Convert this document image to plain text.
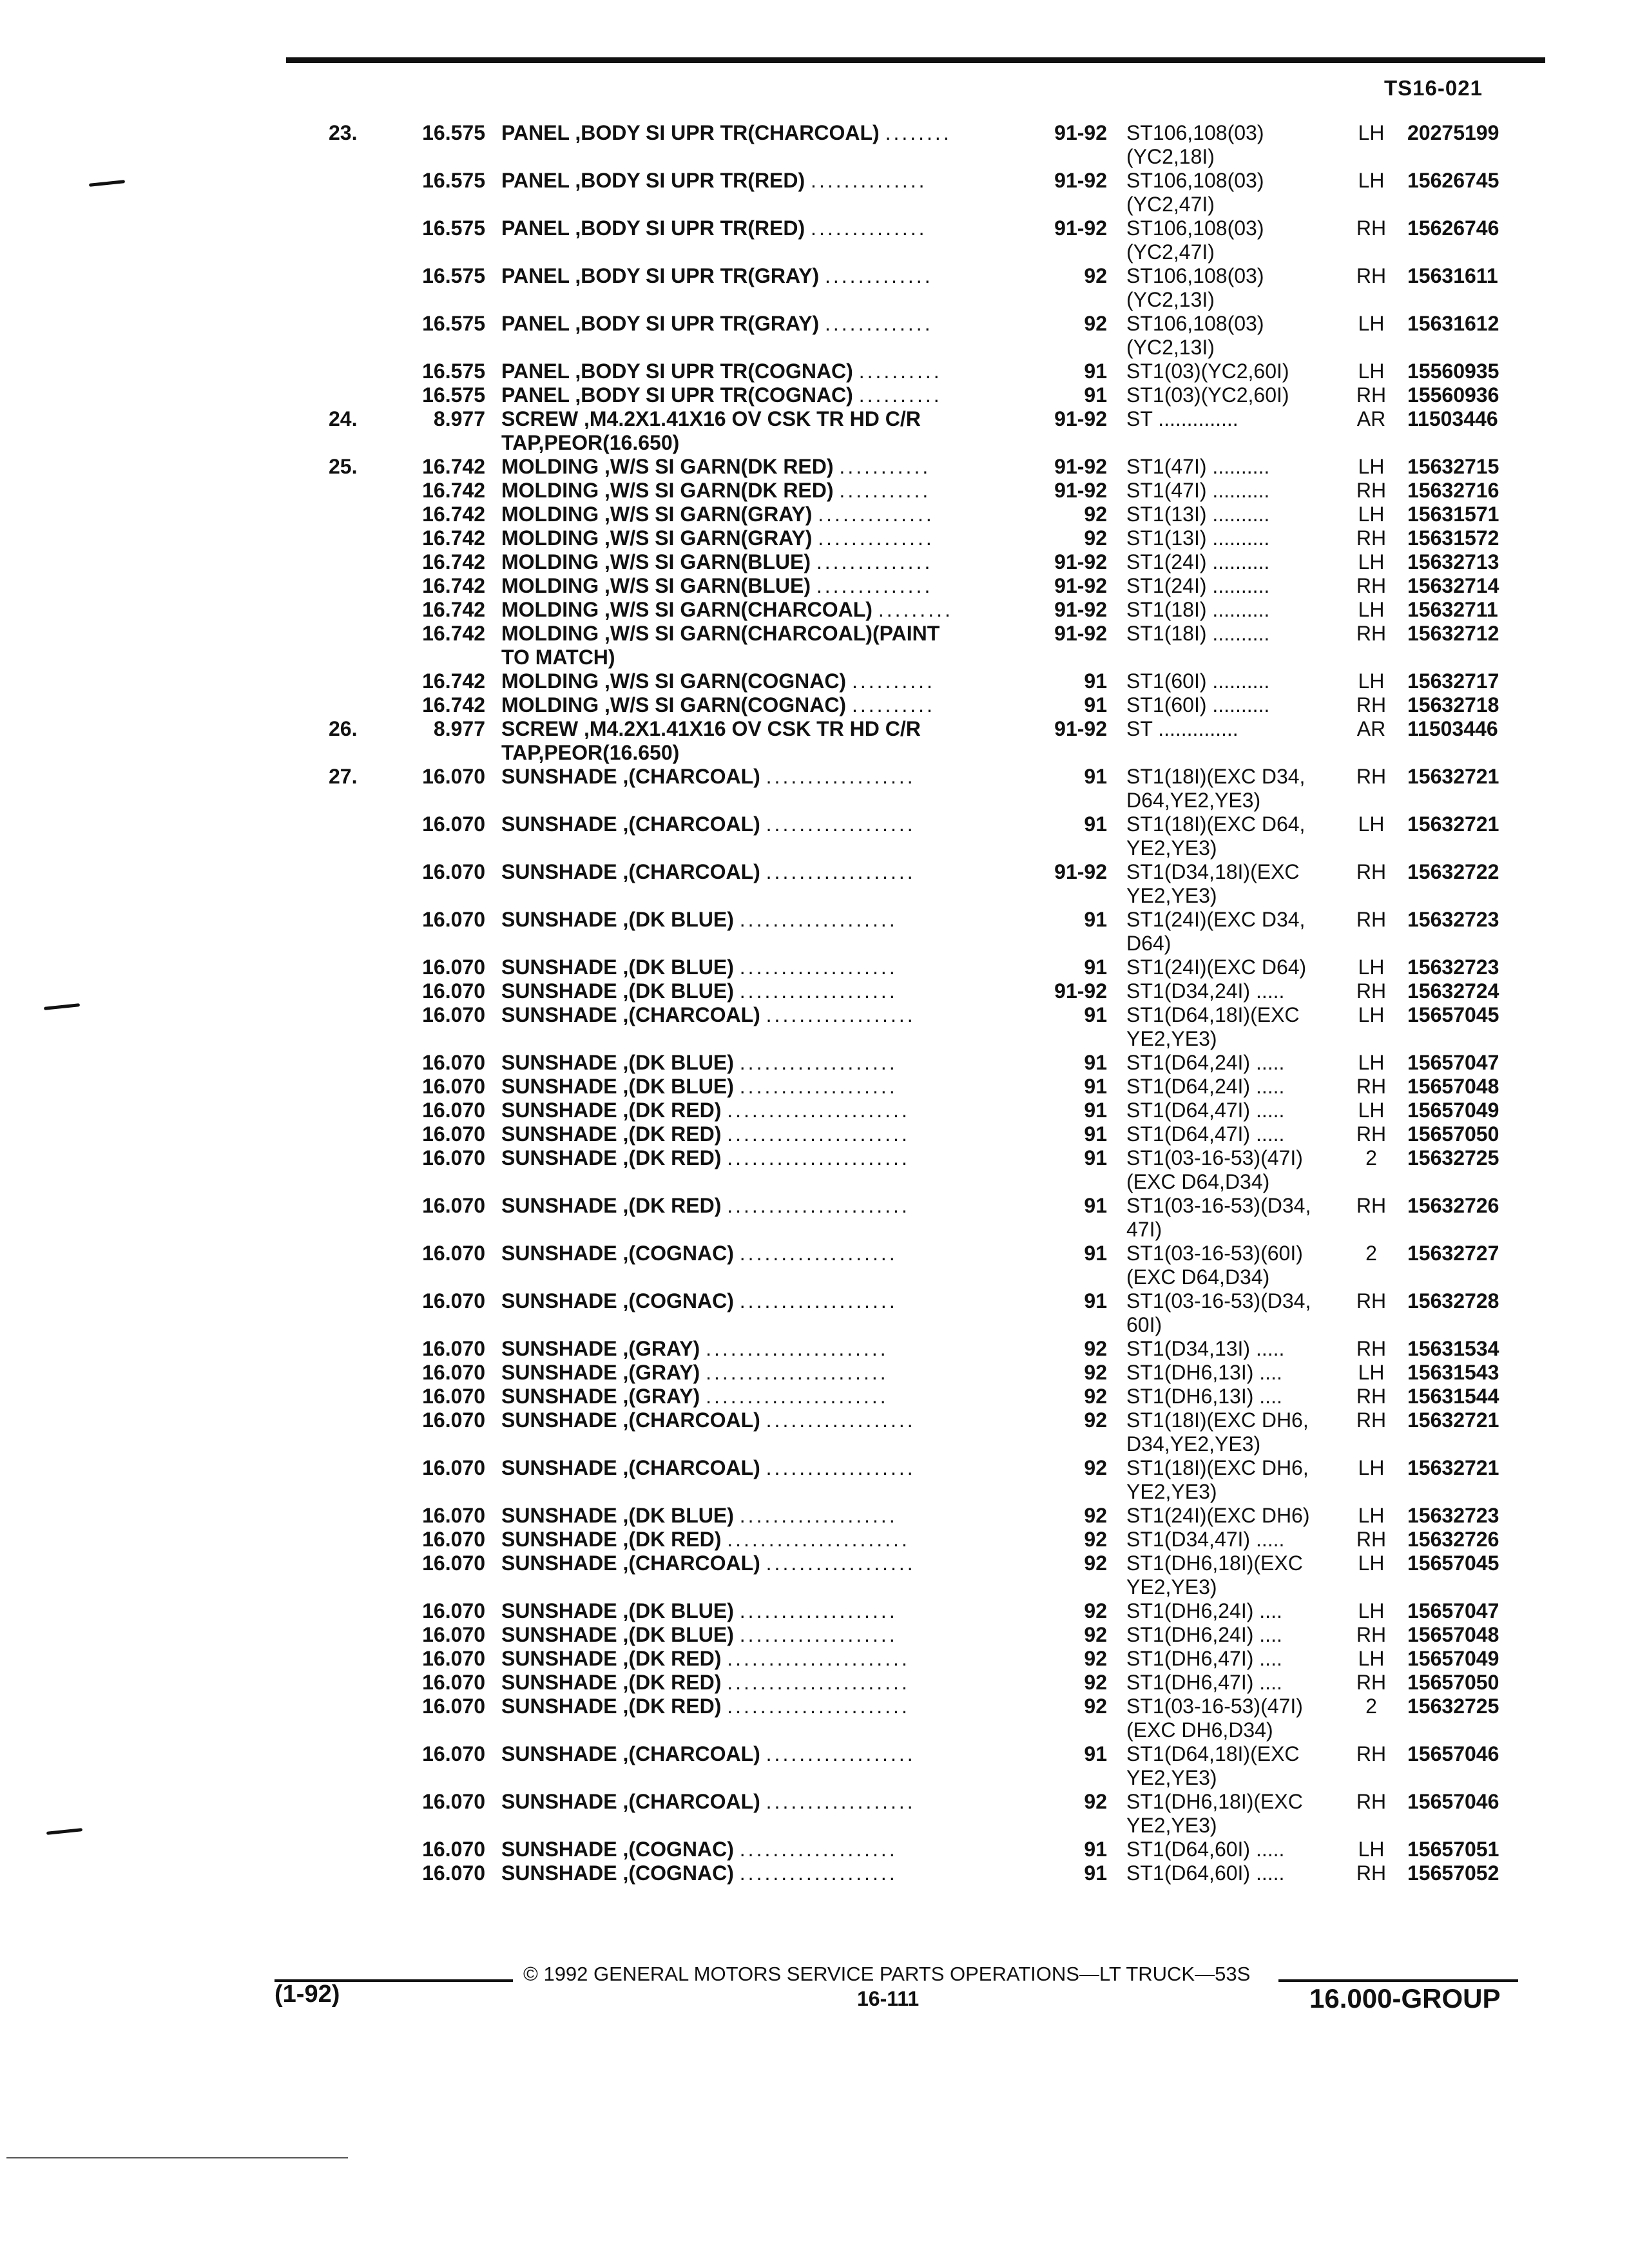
TS16-021
23.	16.575 PANEL ,BODY SI UPR TR(CHARCOAL) ........	91-92 ST106,108(03)
(YC2,18I)
LH	20275199
16.575 PANEL ,BODY SI UPR TR(RED) ..............	91-92 ST106,108(03)
(YC2,47I)
LH	15626745
16.575 PANEL ,BODY SI UPR TR(RED) ..............	91-92 ST106,108(03)
(YC2,47I)
RH	15626746
16.575 PANEL ,BODY SI UPR TR(GRAY) .............	92 ST106,108(03)
(YC2,13I)
RH	15631611
16.575 PANEL ,BODY SI UPR TR(GRAY) .............	92 ST106,108(03)
(YC2,13I)
LH	15631612
16.575 PANEL ,BODY SI UPR TR(COGNAC) ..........	91 ST1(03)(YC2,60I)	LH	15560935
16.575 PANEL ,BODY SI UPR TR(COGNAC) ..........	91 ST1(03)(YC2,60I)	RH	15560936
24.	8.977 SCREW ,M4.2X1.41X16 OV CSK TR HD C/R
TAP,PEOR(16.650)
91-92 ST ..............	AR	11503446
25.	16.742 MOLDING ,W/S SI GARN(DK RED) ...........	91-92 ST1(47I) ..........	LH	15632715
16.742 MOLDING ,W/S SI GARN(DK RED) ...........	91-92 ST1(47I) ..........	RH	15632716
16.742 MOLDING ,W/S SI GARN(GRAY) ..............	92 ST1(13I) ..........	LH	15631571
16.742 MOLDING ,W/S SI GARN(GRAY) ..............	92 ST1(13I) ..........	RH	15631572
16.742 MOLDING ,W/S SI GARN(BLUE) ..............	91-92 ST1(24I) ..........	LH	15632713
16.742 MOLDING ,W/S SI GARN(BLUE) ..............	91-92 ST1(24I) ..........	RH	15632714
16.742 MOLDING ,W/S SI GARN(CHARCOAL) .........	91-92 ST1(18I) ..........	LH	15632711
16.742 MOLDING ,W/S SI GARN(CHARCOAL)(PAINT
TO MATCH)
91-92 ST1(18I) ..........	RH	15632712
16.742 MOLDING ,W/S SI GARN(COGNAC) ..........	91 ST1(60I) ..........	LH	15632717
16.742 MOLDING ,W/S SI GARN(COGNAC) ..........	91 ST1(60I) ..........	RH	15632718
26.	8.977 SCREW ,M4.2X1.41X16 OV CSK TR HD C/R
TAP,PEOR(16.650)
91-92 ST ..............	AR	11503446
27.	16.070 SUNSHADE ,(CHARCOAL) ..................	91 ST1(18I)(EXC D34,
D64,YE2,YE3)
RH	15632721
16.070 SUNSHADE ,(CHARCOAL) ..................	91 ST1(18I)(EXC D64,
YE2,YE3)
LH	15632721
16.070 SUNSHADE ,(CHARCOAL) ..................	91-92 ST1(D34,18I)(EXC
YE2,YE3)
RH	15632722
16.070 SUNSHADE ,(DK BLUE) ...................	91 ST1(24I)(EXC D34,
D64)
RH	15632723
16.070 SUNSHADE ,(DK BLUE) ...................	91 ST1(24I)(EXC D64)	LH	15632723
16.070 SUNSHADE ,(DK BLUE) ...................	91-92 ST1(D34,24I) .....	RH	15632724
16.070 SUNSHADE ,(CHARCOAL) ..................	91 ST1(D64,18I)(EXC
YE2,YE3)
LH	15657045
16.070 SUNSHADE ,(DK BLUE) ...................	91 ST1(D64,24I) .....	LH	15657047
16.070 SUNSHADE ,(DK BLUE) ...................	91 ST1(D64,24I) .....	RH	15657048
16.070 SUNSHADE ,(DK RED) ......................	91 ST1(D64,47I) .....	LH	15657049
16.070 SUNSHADE ,(DK RED) ......................	91 ST1(D64,47I) .....	RH	15657050
16.070 SUNSHADE ,(DK RED) ......................	91 ST1(03-16-53)(47I)
(EXC D64,D34)
2	15632725
16.070 SUNSHADE ,(DK RED) ......................	91 ST1(03-16-53)(D34,
47I)
RH	15632726
16.070 SUNSHADE ,(COGNAC) ...................	91 ST1(03-16-53)(60I)
(EXC D64,D34)
2	15632727
16.070 SUNSHADE ,(COGNAC) ...................	91 ST1(03-16-53)(D34,
60I)
RH	15632728
16.070 SUNSHADE ,(GRAY) ......................	92 ST1(D34,13I) .....	RH	15631534
16.070 SUNSHADE ,(GRAY) ......................	92 ST1(DH6,13I) ....	LH	15631543
16.070 SUNSHADE ,(GRAY) ......................	92 ST1(DH6,13I) ....	RH	15631544
16.070 SUNSHADE ,(CHARCOAL) ..................	92 ST1(18I)(EXC DH6,
D34,YE2,YE3)
RH	15632721
16.070 SUNSHADE ,(CHARCOAL) ..................	92 ST1(18I)(EXC DH6,
YE2,YE3)
LH	15632721
16.070 SUNSHADE ,(DK BLUE) ...................	92 ST1(24I)(EXC DH6)	LH	15632723
16.070 SUNSHADE ,(DK RED) ......................	92 ST1(D34,47I) .....	RH	15632726
16.070 SUNSHADE ,(CHARCOAL) ..................	92 ST1(DH6,18I)(EXC
YE2,YE3)
LH	15657045
16.070 SUNSHADE ,(DK BLUE) ...................	92 ST1(DH6,24I) ....	LH	15657047
16.070 SUNSHADE ,(DK BLUE) ...................	92 ST1(DH6,24I) ....	RH	15657048
16.070 SUNSHADE ,(DK RED) ......................	92 ST1(DH6,47I) ....	LH	15657049
16.070 SUNSHADE ,(DK RED) ......................	92 ST1(DH6,47I) ....	RH	15657050
16.070 SUNSHADE ,(DK RED) ......................	92 ST1(03-16-53)(47I)
(EXC DH6,D34)
2	15632725
16.070 SUNSHADE ,(CHARCOAL) ..................	91 ST1(D64,18I)(EXC
YE2,YE3)
RH	15657046
16.070 SUNSHADE ,(CHARCOAL) ..................	92 ST1(DH6,18I)(EXC
YE2,YE3)
RH	15657046
16.070 SUNSHADE ,(COGNAC) ...................	91 ST1(D64,60I) .....	LH	15657051
16.070 SUNSHADE ,(COGNAC) ...................	91 ST1(D64,60I) .....	RH	15657052
© 1992 GENERAL MOTORS SERVICE PARTS OPERATIONS—LT TRUCK—53S
(1-92)	16-111	16.000-GROUP
